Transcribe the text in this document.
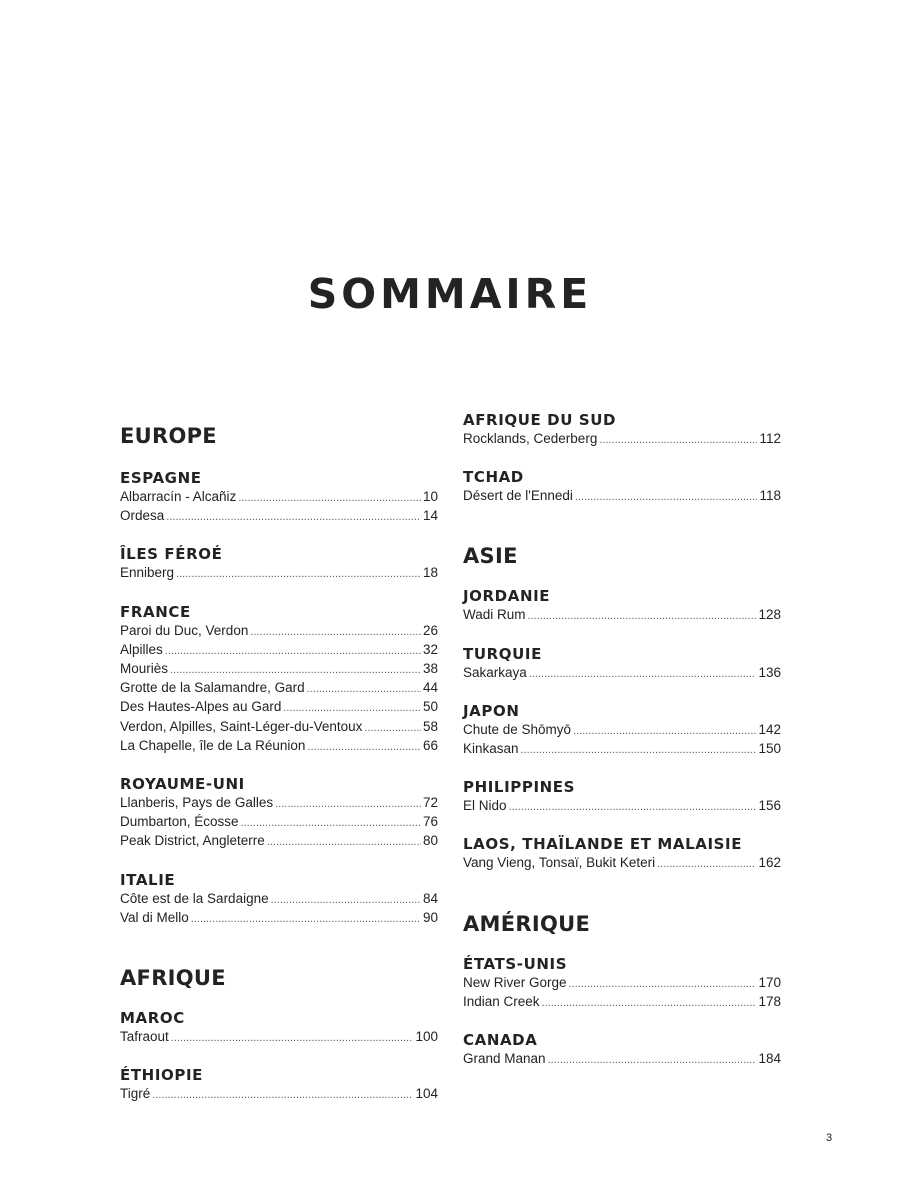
SOMMAIRE
EUROPE
ESPAGNE
Albarracín - Alcañiz .....	10
Ordesa .....	14
ÎLES FÉROÉ
Enniberg .....	18
FRANCE
Paroi du Duc, Verdon .....	26
Alpilles .....	32
Mouriès .....	38
Grotte de la Salamandre, Gard .....	44
Des Hautes-Alpes au Gard .....	50
Verdon, Alpilles, Saint-Léger-du-Ventoux .....	58
La Chapelle, île de La Réunion .....	66
ROYAUME-UNI
Llanberis, Pays de Galles .....	72
Dumbarton, Écosse .....	76
Peak District, Angleterre .....	80
ITALIE
Côte est de la Sardaigne .....	84
Val di Mello .....	90
AFRIQUE
MAROC
Tafraout .....	100
ÉTHIOPIE
Tigré .....	104
AFRIQUE DU SUD
Rocklands, Cederberg .....	112
TCHAD
Désert de l'Ennedi .....	118
ASIE
JORDANIE
Wadi Rum .....	128
TURQUIE
Sakarkaya .....	136
JAPON
Chute de Shōmyō .....	142
Kinkasan .....	150
PHILIPPINES
El Nido .....	156
LAOS, THAÏLANDE ET MALAISIE
Vang Vieng, Tonsaï, Bukit Keteri .....	162
AMÉRIQUE
ÉTATS-UNIS
New River Gorge .....	170
Indian Creek .....	178
CANADA
Grand Manan .....	184
3
